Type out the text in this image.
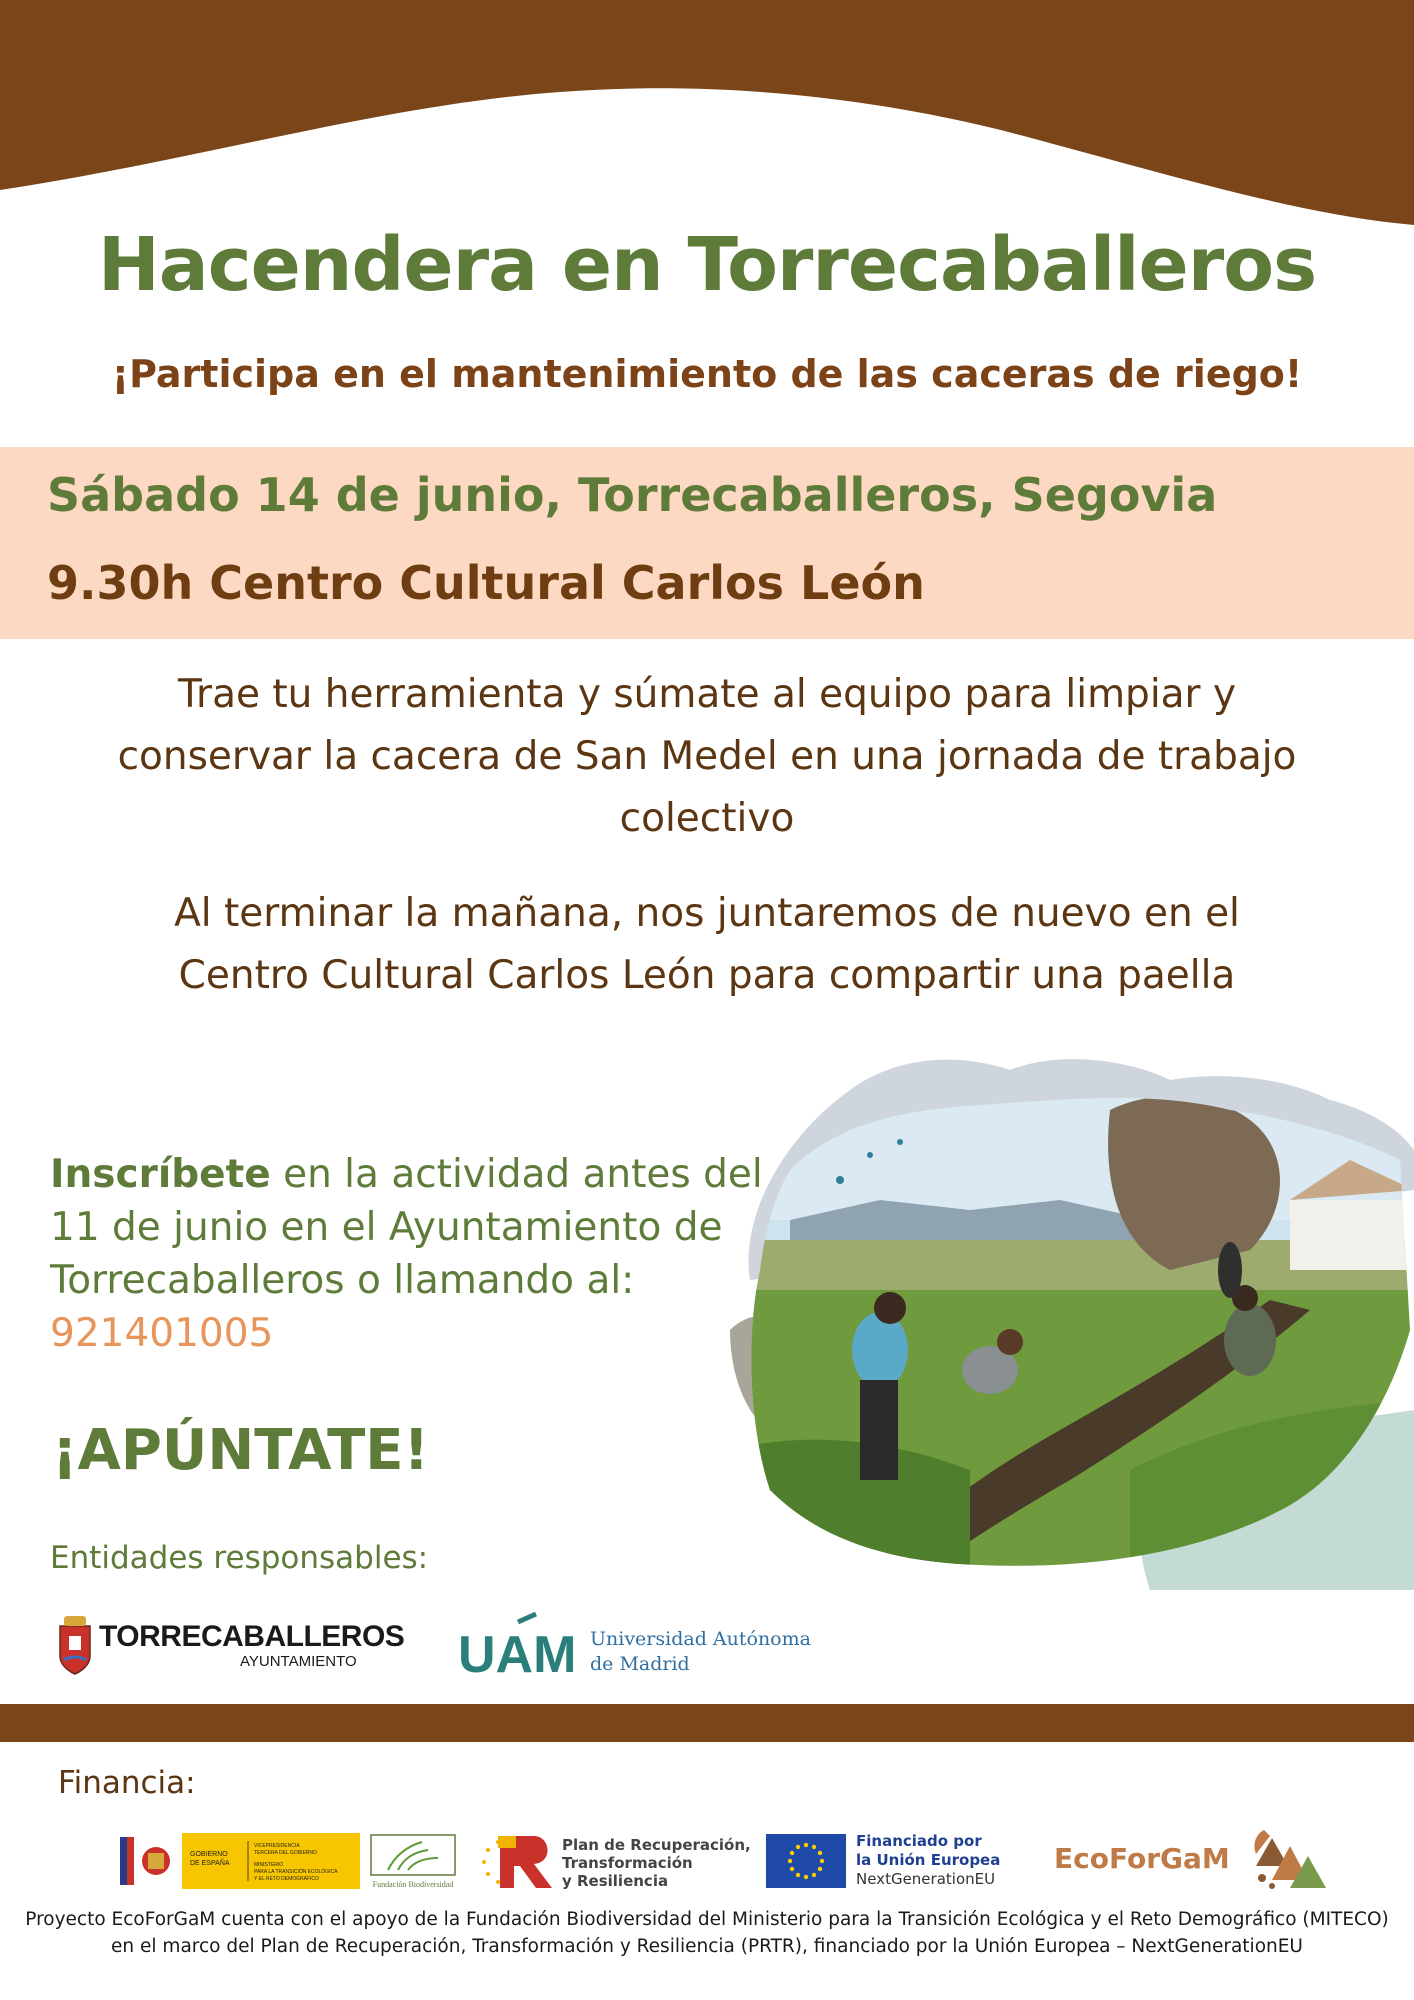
Hacendera en Torrecaballeros
¡Participa en el mantenimiento de las caceras de riego!
Sábado 14 de junio, Torrecaballeros, Segovia
9.30h Centro Cultural Carlos León
Trae tu herramienta y súmate al equipo para limpiar y conservar la cacera de San Medel en una jornada de trabajo colectivo
Al terminar la mañana, nos juntaremos de nuevo en el Centro Cultural Carlos León para compartir una paella
Inscríbete en la actividad antes del 11 de junio en el Ayuntamiento de Torrecaballeros o llamando al:
921401005
¡APÚNTATE!
Entidades responsables:
TORRECABALLEROS
AYUNTAMIENTO UAM Universidad Autónoma
de Madrid
Financia:
GOBIERNO
DE ESPAÑA
VICEPRESIDENCIA
TERCERA DEL GOBIERNO
MINISTERIO
PARA LA TRANSICIÓN ECOLÓGICA
Y EL RETO DEMOGRÁFICO
Fundación Biodiversidad
Plan de Recuperación,
Transformación
y Resiliencia
Financiado por
la Unión Europea
NextGenerationEU
EcoForGaM
Proyecto EcoForGaM cuenta con el apoyo de la Fundación Biodiversidad del Ministerio para la Transición Ecológica y el Reto Demográfico (MITECO) en el marco del Plan de Recuperación, Transformación y Resiliencia (PRTR), financiado por la Unión Europea – NextGenerationEU
